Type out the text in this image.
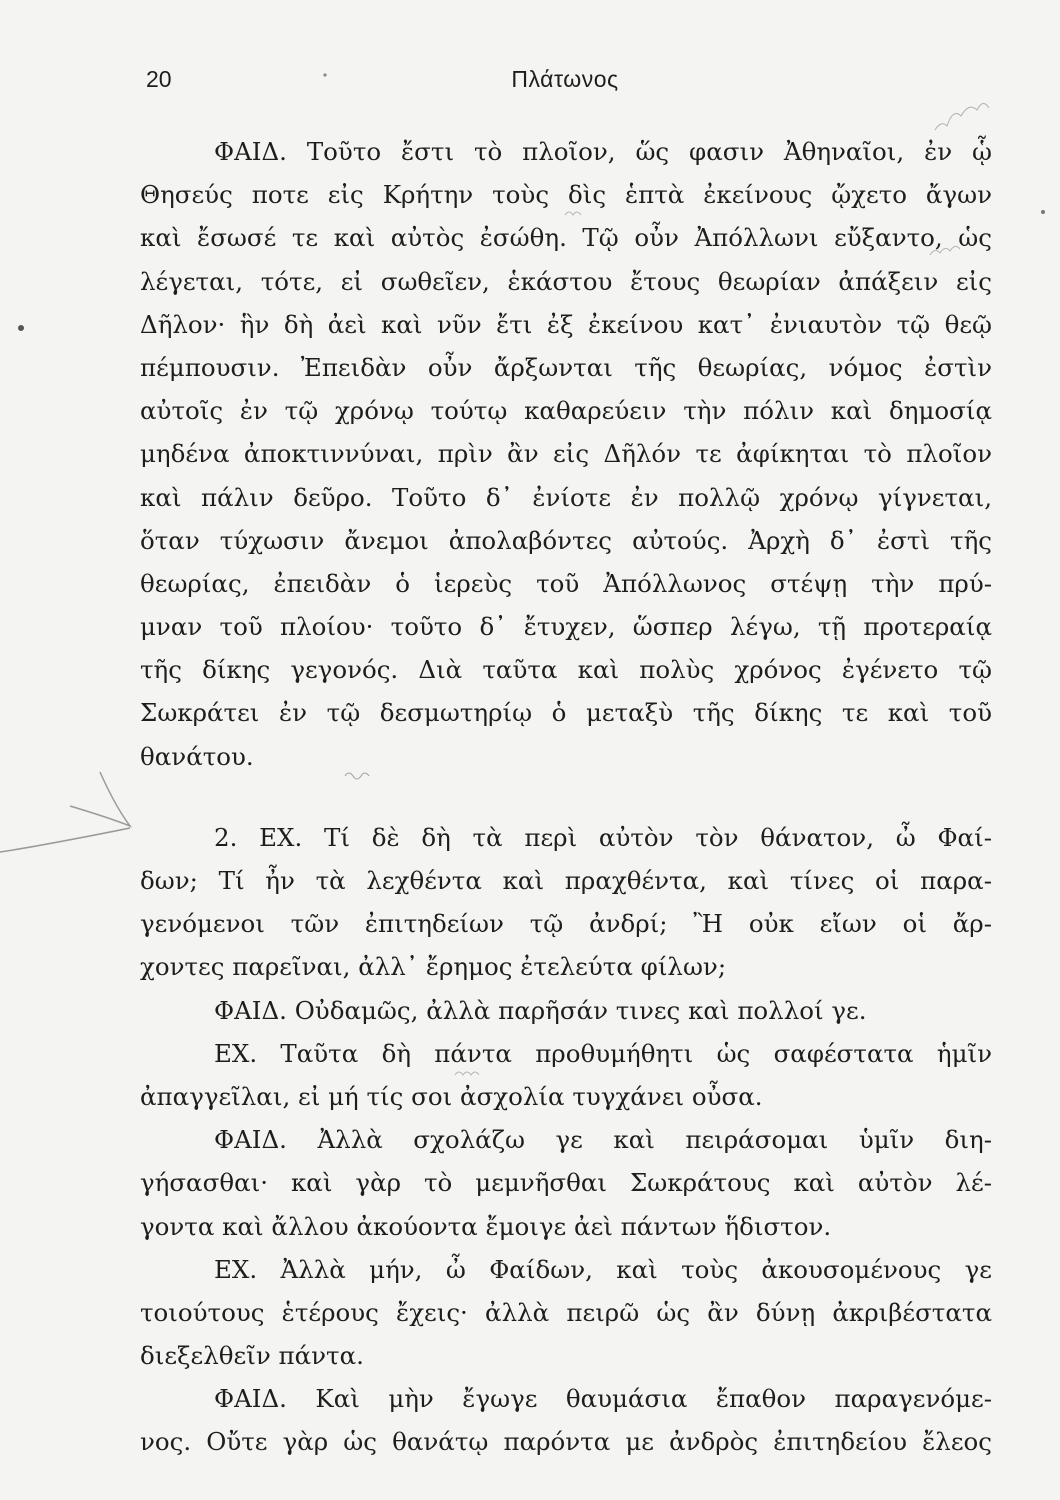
20	Πλάτωνος
ΦΑΙΔ. Τοῦτο ἔστι τὸ πλοῖον, ὥς φασιν Ἀθηναῖοι, ἐν ᾧ
Θησεύς ποτε εἰς Κρήτην τοὺς δὶς ἑπτὰ ἐκείνους ᾤχετο ἄγων
καὶ ἔσωσέ τε καὶ αὐτὸς ἐσώθη. Τῷ οὖν Ἀπόλλωνι εὔξαντο, ὡς
λέγεται, τότε, εἰ σωθεῖεν, ἑκάστου ἔτους θεωρίαν ἀπάξειν εἰς
Δῆλον· ἣν δὴ ἀεὶ καὶ νῦν ἔτι ἐξ ἐκείνου κατ᾽ ἐνιαυτὸν τῷ θεῷ
πέμπουσιν. Ἐπειδὰν οὖν ἄρξωνται τῆς θεωρίας, νόμος ἐστὶν
αὐτοῖς ἐν τῷ χρόνῳ τούτῳ καθαρεύειν τὴν πόλιν καὶ δημοσίᾳ
μηδένα ἀποκτιννύναι, πρὶν ἂν εἰς Δῆλόν τε ἀφίκηται τὸ πλοῖον
καὶ πάλιν δεῦρο. Τοῦτο δ᾽ ἐνίοτε ἐν πολλῷ χρόνῳ γίγνεται,
ὅταν τύχωσιν ἄνεμοι ἀπολαβόντες αὐτούς. Ἀρχὴ δ᾽ ἐστὶ τῆς
θεωρίας, ἐπειδὰν ὁ ἱερεὺς τοῦ Ἀπόλλωνος στέψῃ τὴν πρύ-
μναν τοῦ πλοίου· τοῦτο δ᾽ ἔτυχεν, ὥσπερ λέγω, τῇ προτεραίᾳ
τῆς δίκης γεγονός. Διὰ ταῦτα καὶ πολὺς χρόνος ἐγένετο τῷ
Σωκράτει ἐν τῷ δεσμωτηρίῳ ὁ μεταξὺ τῆς δίκης τε καὶ τοῦ
θανάτου.
2. ΕΧ. Τί δὲ δὴ τὰ περὶ αὐτὸν τὸν θάνατον, ὦ Φαί-
δων; Τί ἦν τὰ λεχθέντα καὶ πραχθέντα, καὶ τίνες οἱ παρα-
γενόμενοι τῶν ἐπιτηδείων τῷ ἀνδρί; Ἢ οὐκ εἴων οἱ ἄρ-
χοντες παρεῖναι, ἀλλ᾽ ἔρημος ἐτελεύτα φίλων;
ΦΑΙΔ. Οὐδαμῶς, ἀλλὰ παρῆσάν τινες καὶ πολλοί γε.
ΕΧ. Ταῦτα δὴ πάντα προθυμήθητι ὡς σαφέστατα ἡμῖν
ἀπαγγεῖλαι, εἰ μή τίς σοι ἀσχολία τυγχάνει οὖσα.
ΦΑΙΔ. Ἀλλὰ σχολάζω γε καὶ πειράσομαι ὑμῖν διη-
γήσασθαι· καὶ γὰρ τὸ μεμνῆσθαι Σωκράτους καὶ αὐτὸν λέ-
γοντα καὶ ἄλλου ἀκούοντα ἔμοιγε ἀεὶ πάντων ἥδιστον.
ΕΧ. Ἀλλὰ μήν, ὦ Φαίδων, καὶ τοὺς ἀκουσομένους γε
τοιούτους ἑτέρους ἔχεις· ἀλλὰ πειρῶ ὡς ἂν δύνῃ ἀκριβέστατα
διεξελθεῖν πάντα.
ΦΑΙΔ. Καὶ μὴν ἔγωγε θαυμάσια ἔπαθον παραγενόμε-
νος. Οὔτε γὰρ ὡς θανάτῳ παρόντα με ἀνδρὸς ἐπιτηδείου ἔλεος
